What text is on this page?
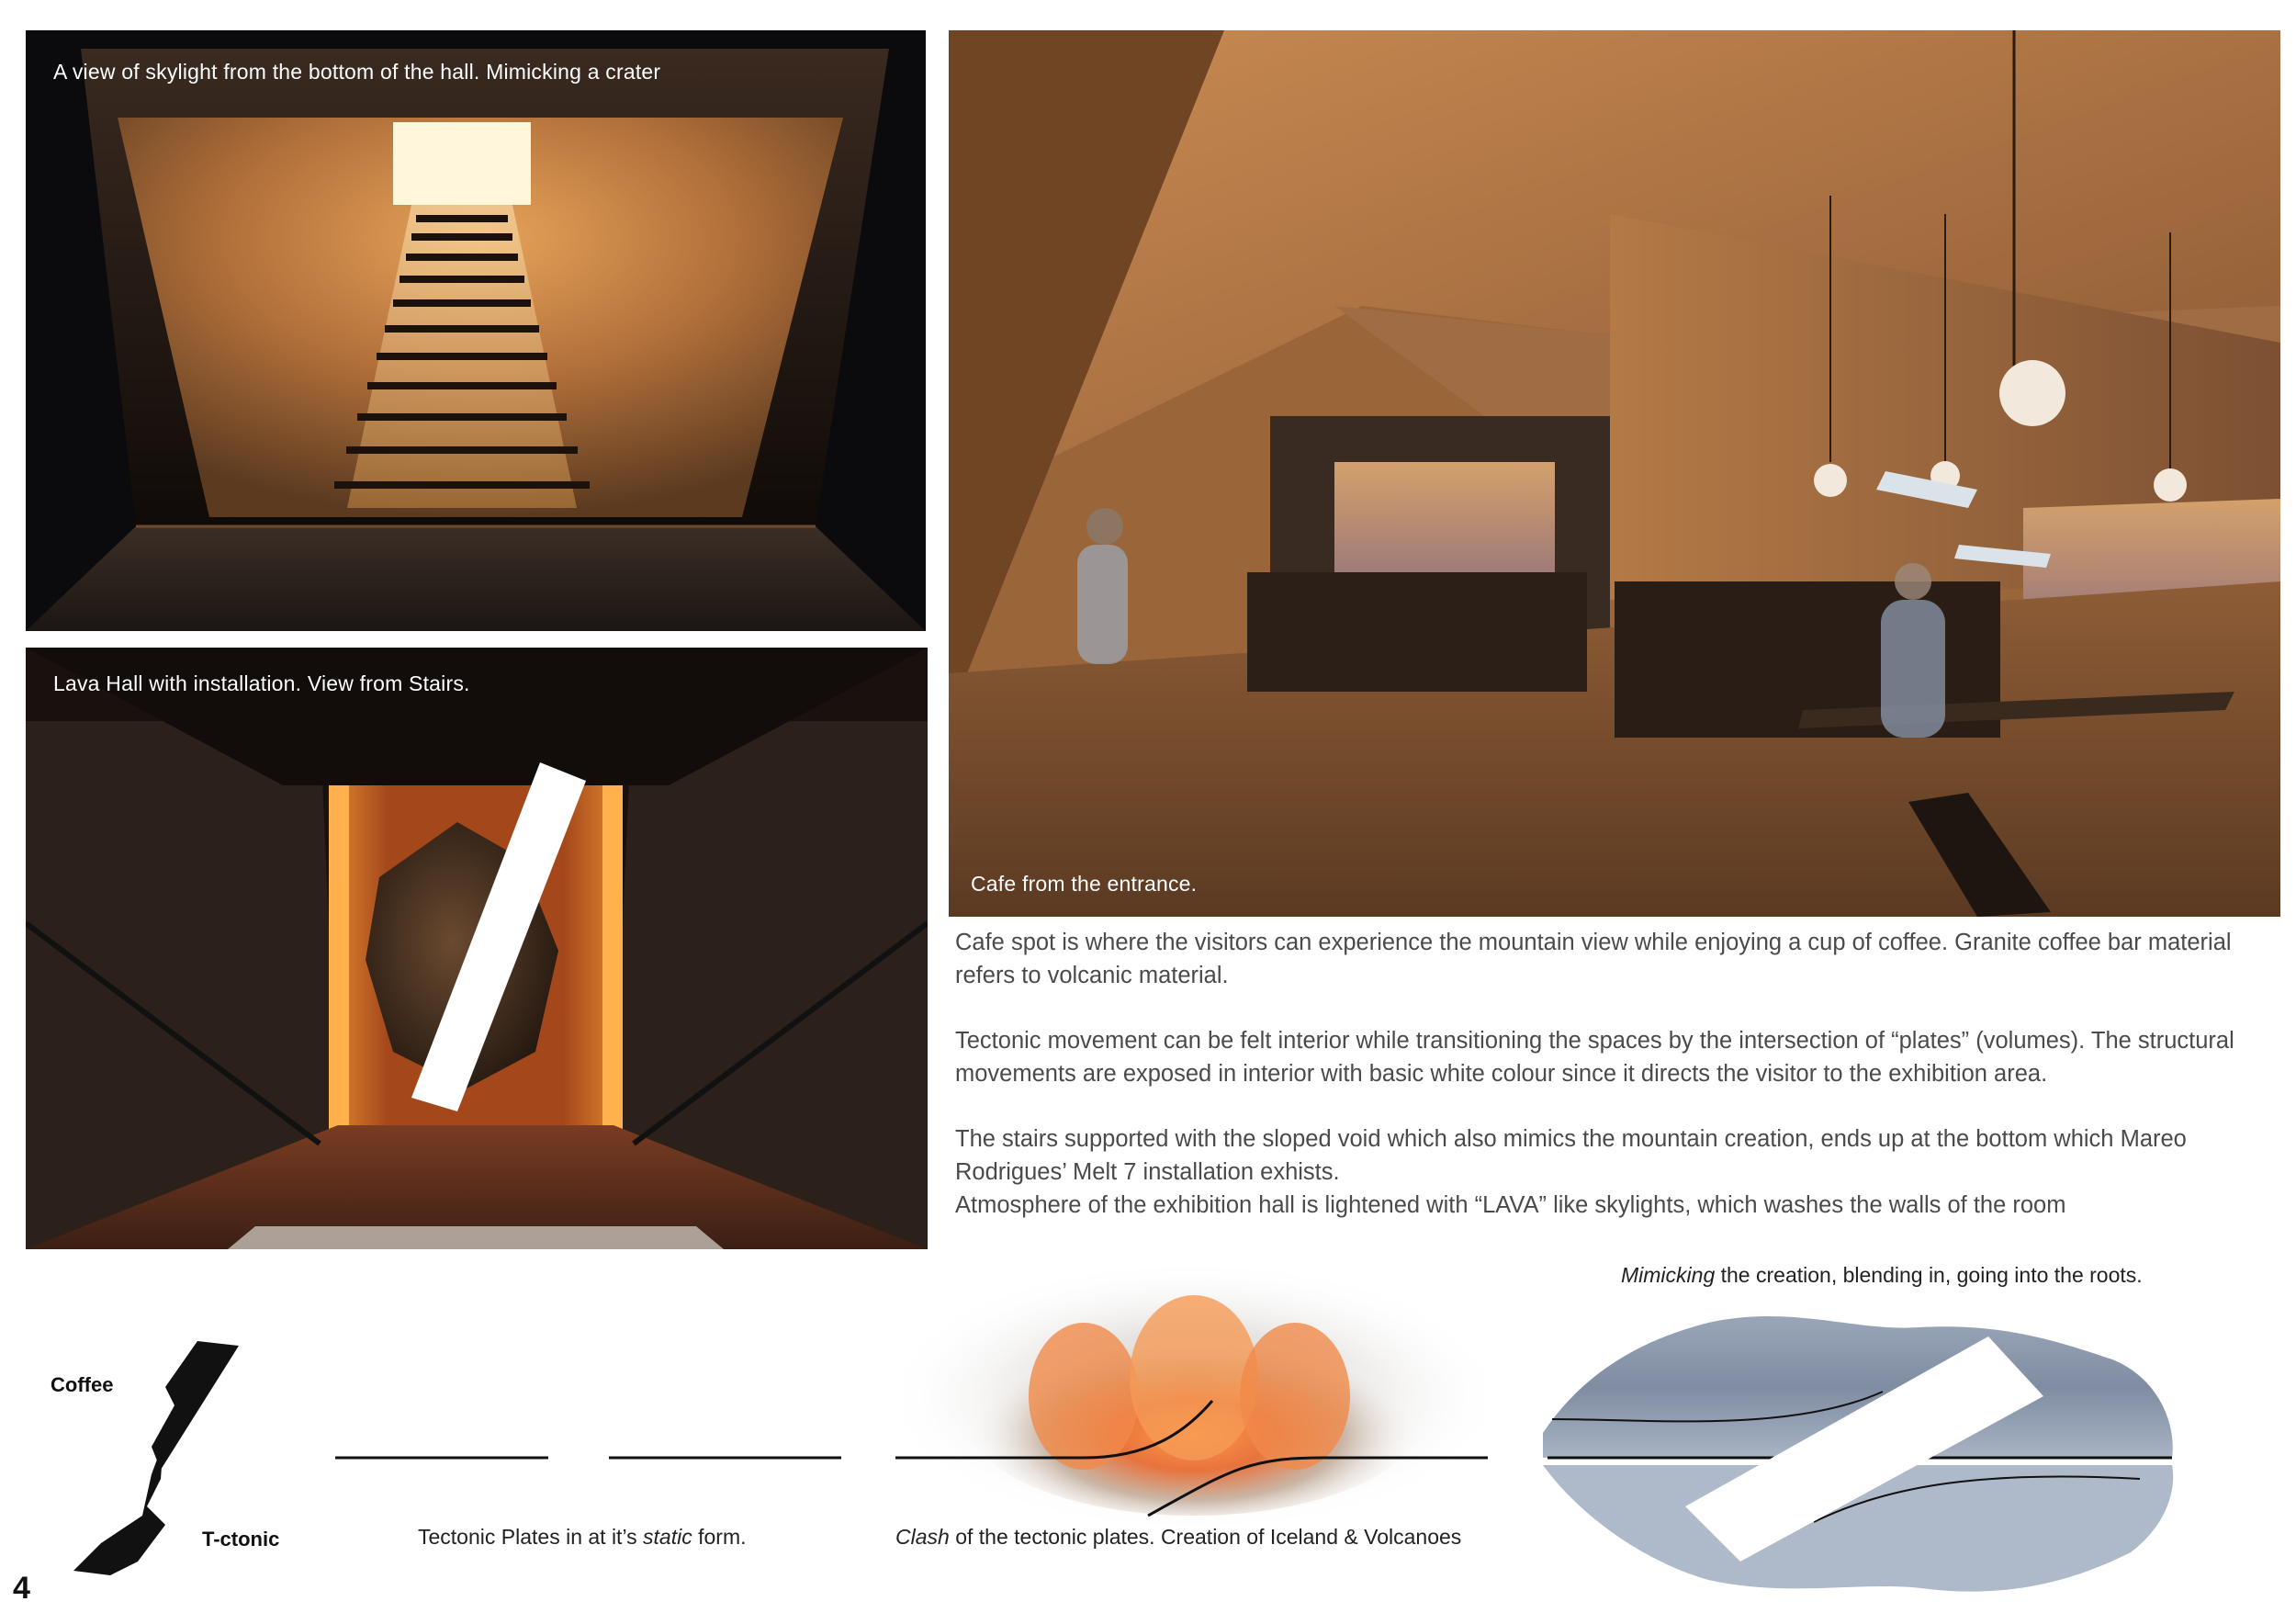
A view of skylight from the bottom of the hall. Mimicking a crater
Lava Hall with installation. View from Stairs.
Cafe from the entrance.

Cafe spot is where the visitors can experience the mountain view while enjoying a cup of coffee. Granite coffee bar material refers to volcanic material.

Tectonic movement can be felt interior while transitioning the spaces by the intersection of “plates” (volumes). The structural movements are exposed in interior with basic white colour since it directs the visitor to the exhibition area.

The stairs supported with the sloped void which also mimics the mountain creation, ends up at the bottom which Mareo Rodrigues’ Melt 7 installation exhists.

Atmosphere of the exhibition hall is lightened with “LAVA” like skylights, which washes the walls of the room

Coffee
T-ctonic	Tectonic Plates in at it’s static form.	Clash of the tectonic plates. Creation of Iceland & Volcanoes
Mimicking the creation, blending in, going into the roots.
4
